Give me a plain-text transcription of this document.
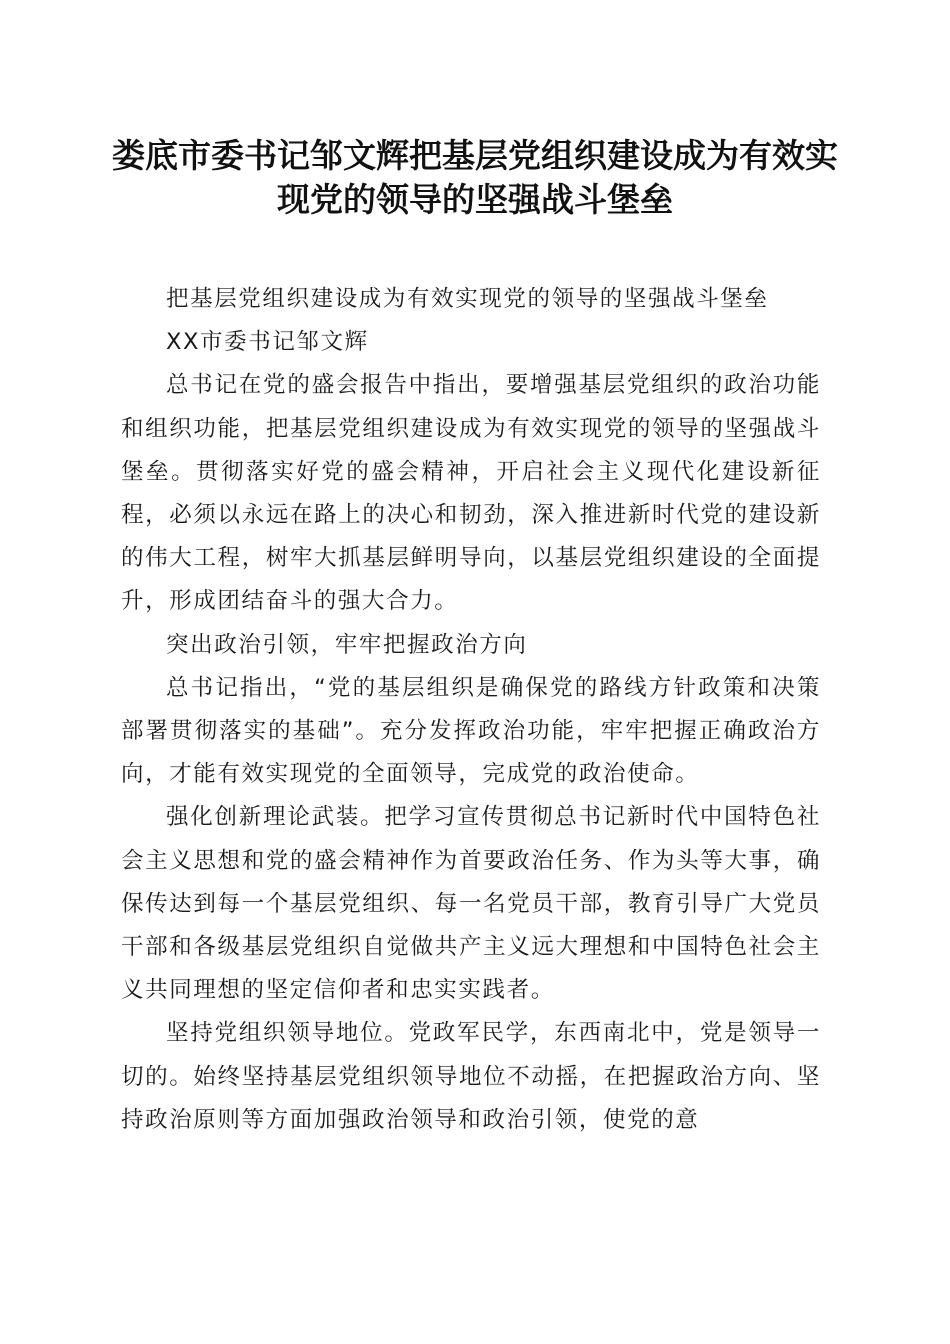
娄底市委书记邹文辉把基层党组织建设成为有效实现党的领导的坚强战斗堡垒

把基层党组织建设成为有效实现党的领导的坚强战斗堡垒

XX市委书记邹文辉

总书记在党的盛会报告中指出，要增强基层党组织的政治功能和组织功能，把基层党组织建设成为有效实现党的领导的坚强战斗堡垒。贯彻落实好党的盛会精神，开启社会主义现代化建设新征程，必须以永远在路上的决心和韧劲，深入推进新时代党的建设新的伟大工程，树牢大抓基层鲜明导向，以基层党组织建设的全面提升，形成团结奋斗的强大合力。

突出政治引领，牢牢把握政治方向

总书记指出，“党的基层组织是确保党的路线方针政策和决策部署贯彻落实的基础”。充分发挥政治功能，牢牢把握正确政治方向，才能有效实现党的全面领导，完成党的政治使命。

强化创新理论武装。把学习宣传贯彻总书记新时代中国特色社会主义思想和党的盛会精神作为首要政治任务、作为头等大事，确保传达到每一个基层党组织、每一名党员干部，教育引导广大党员干部和各级基层党组织自觉做共产主义远大理想和中国特色社会主义共同理想的坚定信仰者和忠实实践者。

坚持党组织领导地位。党政军民学，东西南北中，党是领导一切的。始终坚持基层党组织领导地位不动摇，在把握政治方向、坚持政治原则等方面加强政治领导和政治引领，使党的意
